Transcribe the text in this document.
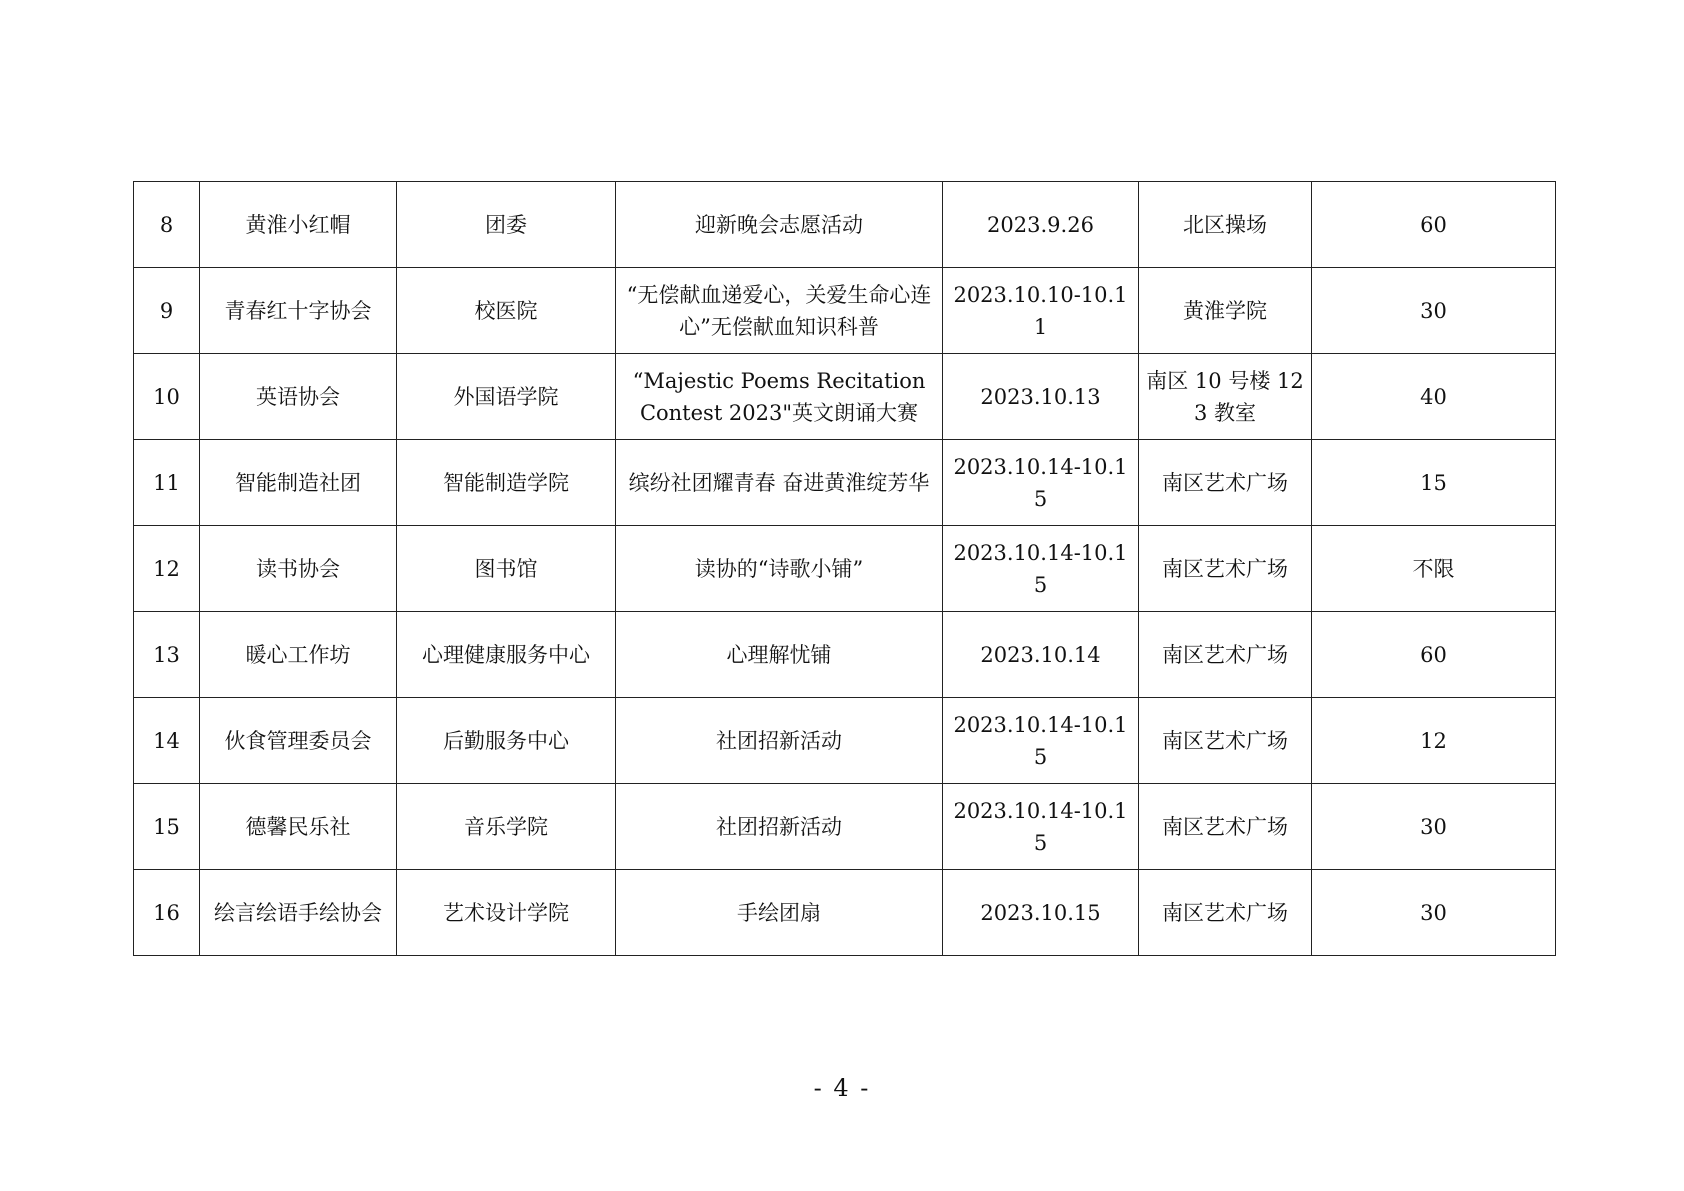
8	黄淮小红帽	团委	迎新晚会志愿活动	2023.9.26	北区操场	60
9	青春红十字协会	校医院	“无偿献血递爱心，关爱生命心连心”无偿献血知识科普	2023.10.10-10.11	黄淮学院	30
10	英语协会	外国语学院	“Majestic Poems Recitation Contest 2023"英文朗诵大赛	2023.10.13	南区 10 号楼 123 教室	40
11	智能制造社团	智能制造学院	缤纷社团耀青春 奋进黄淮绽芳华	2023.10.14-10.15	南区艺术广场	15
12	读书协会	图书馆	读协的“诗歌小铺”	2023.10.14-10.15	南区艺术广场	不限
13	暖心工作坊	心理健康服务中心	心理解忧铺	2023.10.14	南区艺术广场	60
14	伙食管理委员会	后勤服务中心	社团招新活动	2023.10.14-10.15	南区艺术广场	12
15	德馨民乐社	音乐学院	社团招新活动	2023.10.14-10.15	南区艺术广场	30
16	绘言绘语手绘协会	艺术设计学院	手绘团扇	2023.10.15	南区艺术广场	30
- 4 -
